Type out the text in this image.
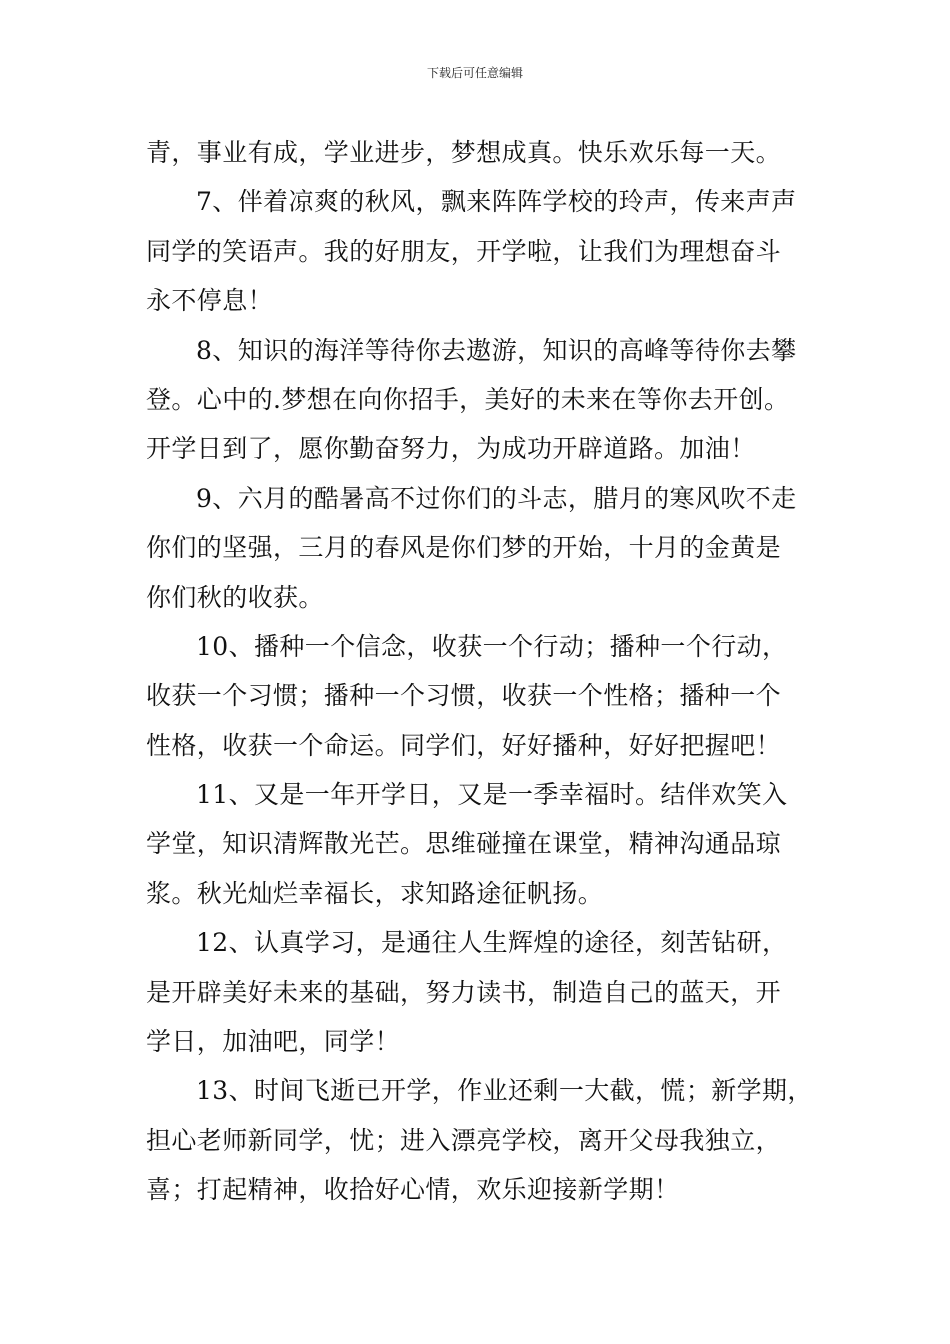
下载后可任意编辑
青，事业有成，学业进步，梦想成真。快乐欢乐每一天。
7、伴着凉爽的秋风，飘来阵阵学校的玲声，传来声声
同学的笑语声。我的好朋友，开学啦，让我们为理想奋斗
永不停息！
8、知识的海洋等待你去遨游，知识的高峰等待你去攀
登。心中的.梦想在向你招手，美好的未来在等你去开创。
开学日到了，愿你勤奋努力，为成功开辟道路。加油！
9、六月的酷暑高不过你们的斗志，腊月的寒风吹不走
你们的坚强，三月的春风是你们梦的开始，十月的金黄是
你们秋的收获。
10、播种一个信念，收获一个行动；播种一个行动，
收获一个习惯；播种一个习惯，收获一个性格；播种一个
性格，收获一个命运。同学们，好好播种，好好把握吧！
11、又是一年开学日，又是一季幸福时。结伴欢笑入
学堂，知识清辉散光芒。思维碰撞在课堂，精神沟通品琼
浆。秋光灿烂幸福长，求知路途征帆扬。
12、认真学习，是通往人生辉煌的途径，刻苦钻研，
是开辟美好未来的基础，努力读书，制造自己的蓝天，开
学日，加油吧，同学！
13、时间飞逝已开学，作业还剩一大截，慌；新学期，
担心老师新同学，忧；进入漂亮学校，离开父母我独立，
喜；打起精神，收拾好心情，欢乐迎接新学期！
